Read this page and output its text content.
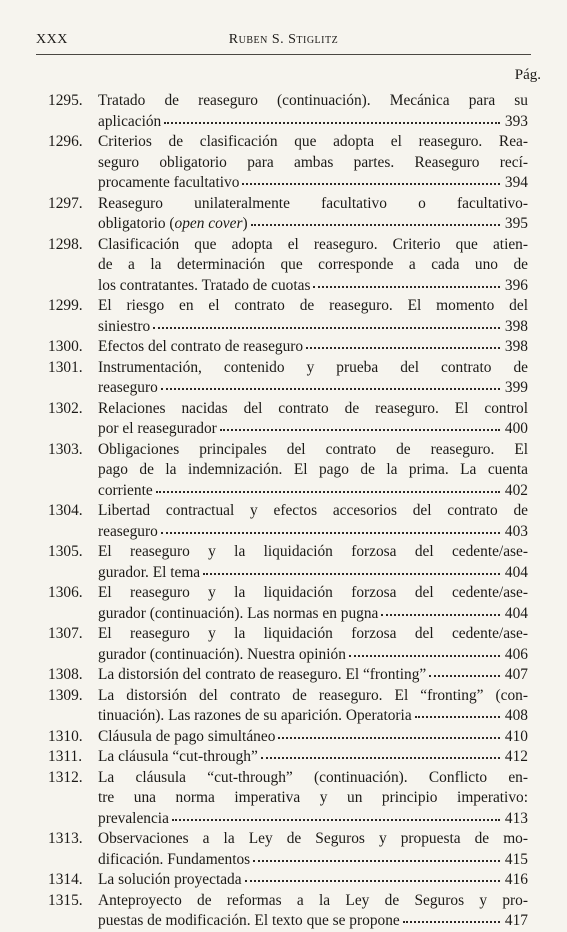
XXX	Ruben S. Stiglitz
Pág.
1295. Tratado de reaseguro (continuación). Mecánica para su
aplicación	393
1296. Criterios de clasificación que adopta el reaseguro. Rea-
seguro obligatorio para ambas partes. Reaseguro recí-
procamente facultativo	394
1297. Reaseguro unilateralmente facultativo o facultativo-
obligatorio (open cover)	395
1298. Clasificación que adopta el reaseguro. Criterio que atien-
de a la determinación que corresponde a cada uno de
los contratantes. Tratado de cuotas	396
1299. El riesgo en el contrato de reaseguro. El momento del
siniestro	398
1300. Efectos del contrato de reaseguro	398
1301. Instrumentación, contenido y prueba del contrato de
reaseguro	399
1302. Relaciones nacidas del contrato de reaseguro. El control
por el reasegurador	400
1303. Obligaciones principales del contrato de reaseguro. El
pago de la indemnización. El pago de la prima. La cuenta
corriente	402
1304. Libertad contractual y efectos accesorios del contrato de
reaseguro	403
1305. El reaseguro y la liquidación forzosa del cedente/ase-
gurador. El tema	404
1306. El reaseguro y la liquidación forzosa del cedente/ase-
gurador (continuación). Las normas en pugna	404
1307. El reaseguro y la liquidación forzosa del cedente/ase-
gurador (continuación). Nuestra opinión	406
1308. La distorsión del contrato de reaseguro. El “fronting”	407
1309. La distorsión del contrato de reaseguro. El “fronting” (con-
tinuación). Las razones de su aparición. Operatoria	408
1310. Cláusula de pago simultáneo	410
1311.	La cláusula “cut-through”	412
1312. La cláusula “cut-through” (continuación). Conflicto en-
tre una norma imperativa y un principio imperativo:
prevalencia	413
1313. Observaciones a la Ley de Seguros y propuesta de mo-
dificación. Fundamentos	415
1314. La solución proyectada	416
1315. Anteproyecto de reformas a la Ley de Seguros y pro-
puestas de modificación. El texto que se propone	417
